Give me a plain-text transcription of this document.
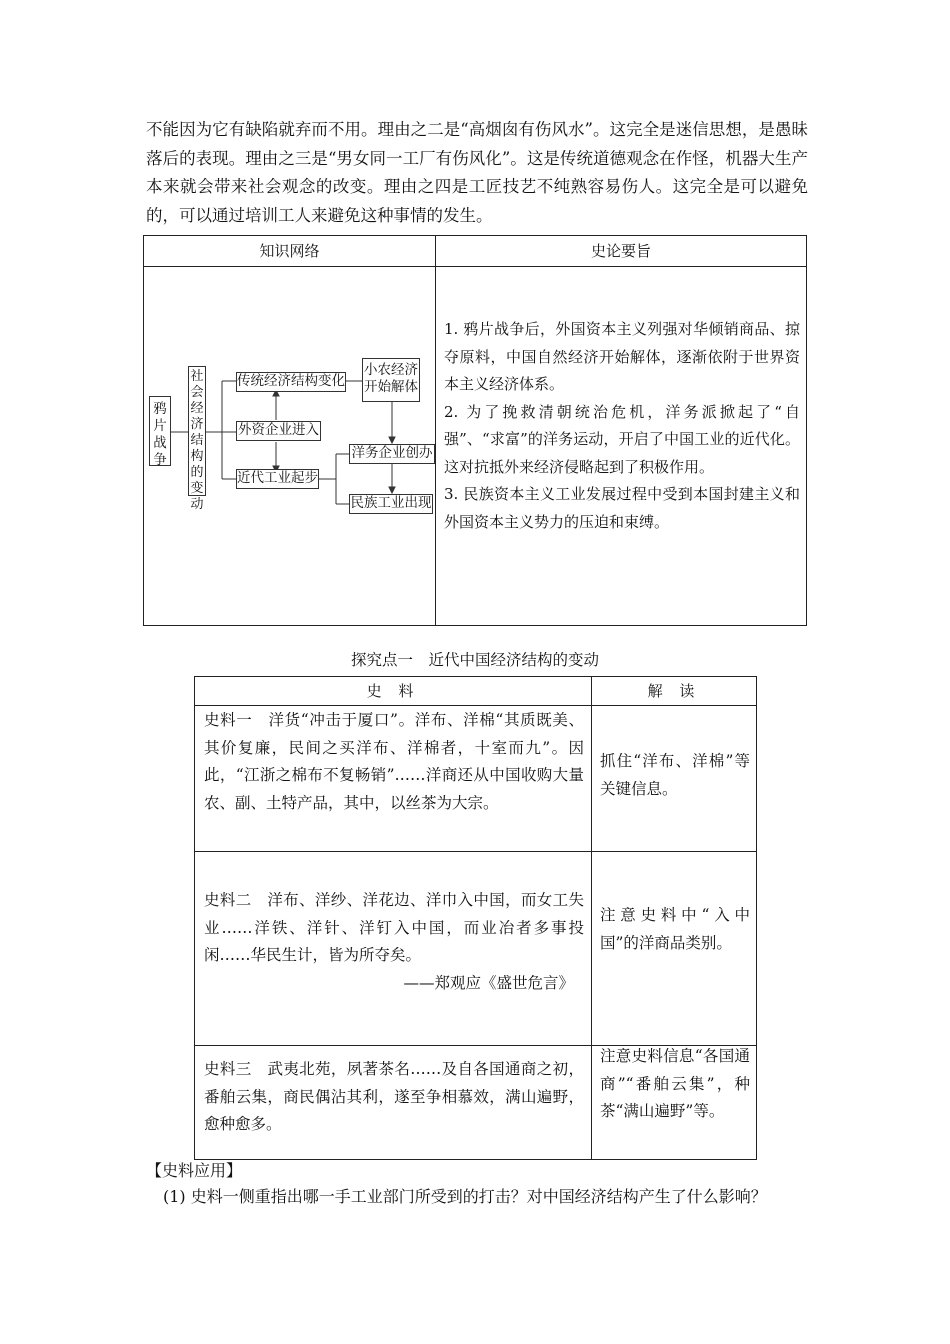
不能因为它有缺陷就弃而不用。理由之二是“高烟囱有伤风水”。这完全是迷信思想，是愚昧落后的表现。理由之三是“男女同一工厂有伤风化”。这是传统道德观念在作怪，机器大生产本来就会带来社会观念的改变。理由之四是工匠技艺不纯熟容易伤人。这完全是可以避免的，可以通过培训工人来避免这种事情的发生。

知识网络	史论要旨
鸦片战争
社会经济结构的变动
传统经济结构变化
外资企业进入
近代工业起步
小农经济
开始解体
洋务企业创办
民族工业出现

1. 鸦片战争后，外国资本主义列强对华倾销商品、掠夺原料，中国自然经济开始解体，逐渐依附于世界资本主义经济体系。

2. 为了挽救清朝统治危机，洋务派掀起了“自强”、“求富”的洋务运动，开启了中国工业的近代化。这对抗抵外来经济侵略起到了积极作用。

3. 民族资本主义工业发展过程中受到本国封建主义和外国资本主义势力的压迫和束缚。

探究点一　近代中国经济结构的变动
史 料	解 读

史料一　洋货“冲击于厦口”。洋布、洋棉“其质既美、其价复廉，民间之买洋布、洋棉者，十室而九”。因此，“江浙之棉布不复畅销”……洋商还从中国收购大量农、副、土特产品，其中，以丝茶为大宗。

抓住“洋布、洋棉”等关键信息。

史料二　洋布、洋纱、洋花边、洋巾入中国，而女工失业……洋铁、洋针、洋钉入中国，而业冶者多事投闲……华民生计，皆为所夺矣。

——郑观应《盛世危言》

注意史料中“入中国”的洋商品类别。

史料三　武夷北苑，夙著茶名……及自各国通商之初，番舶云集，商民偶沾其利，遂至争相慕效，满山遍野，愈种愈多。

注意史料信息“各国通商”“番舶云集”，种茶“满山遍野”等。

【史料应用】
(1) 史料一侧重指出哪一手工业部门所受到的打击？对中国经济结构产生了什么影响？
